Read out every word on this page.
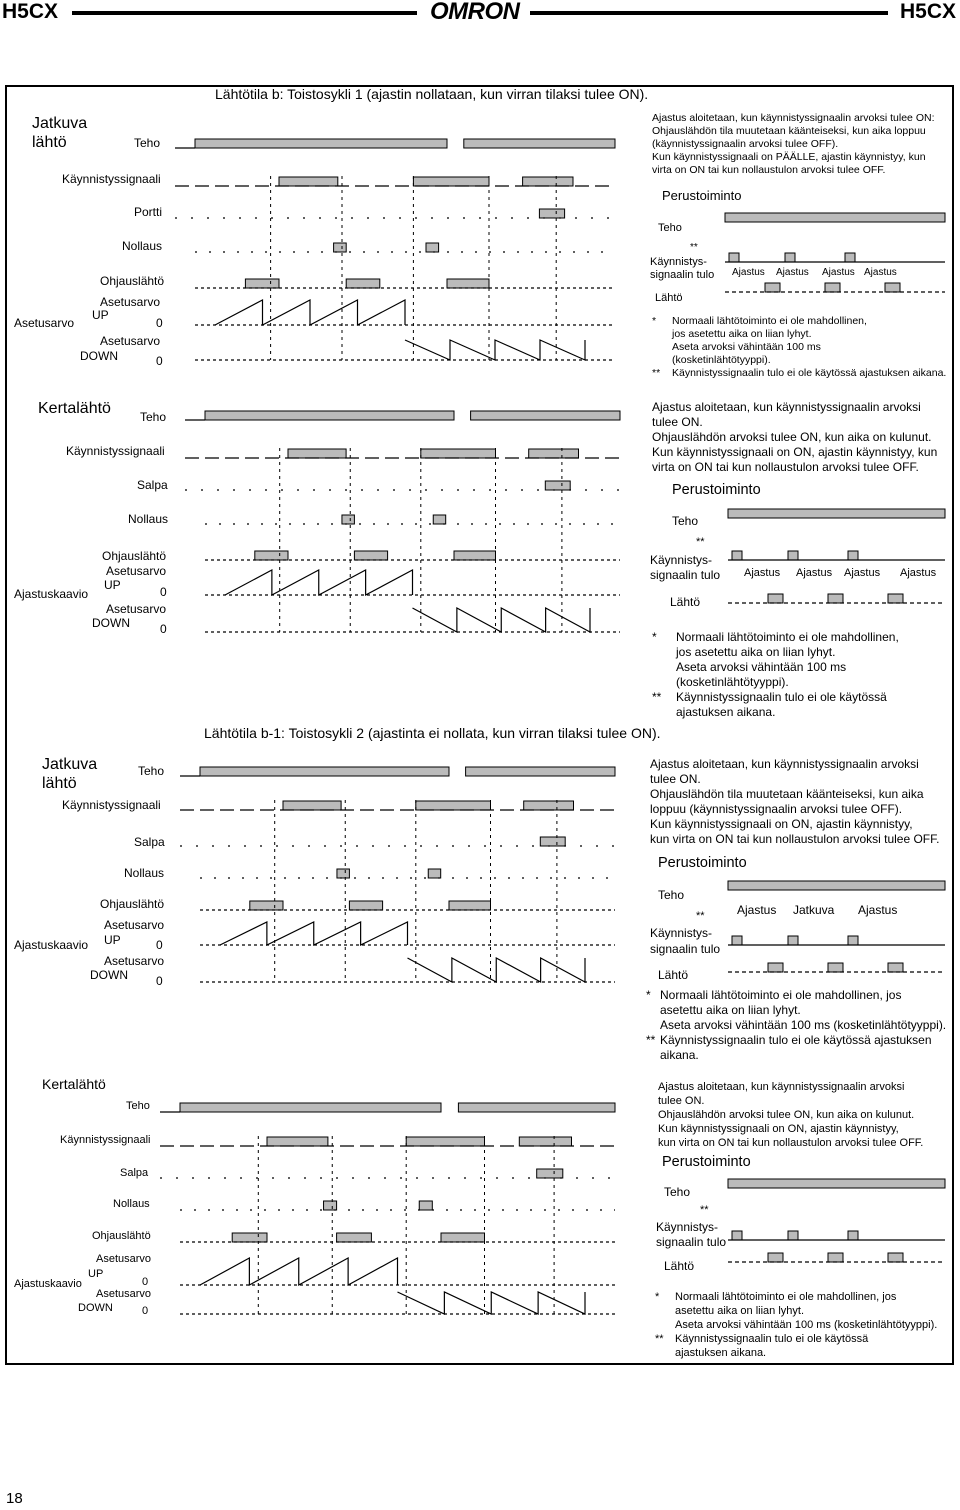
H5CX	OMRON	H5CX
Lähtötila b: Toistosykli 1 (ajastin nollataan, kun virran tilaksi tulee ON).
Jatkuva lähtö	Teho
Käynnistyssignaali
Portti
Nollaus
Ohjauslähtö
Asetusarvo
UP
0
Asetusarvo
Asetusarvo
DOWN	0

Ajastus aloitetaan, kun käynnistyssignaalin arvoksi tulee ON:

Ohjauslähdön tila muutetaan käänteiseksi, kun aika loppuu

(käynnistyssignaalin arvoksi tulee OFF).

Kun käynnistyssignaali on PÄÄLLE, ajastin käynnistyy, kun

virta on ON tai kun nollaustulon arvoksi tulee OFF.

Perustoiminto
Teho
**
Käynnistys-
signaalin tulo
Lähtö
Ajastus Ajastus Ajastus Ajastus
*	Normaali lähtötoiminto ei ole mahdollinen,

jos asetettu aika on liian lyhyt.

Aseta arvoksi vähintään 100 ms

(kosketinlähtötyyppi).

**	Käynnistyssignaalin tulo ei ole käytössä ajastuksen aikana.

Kertalähtö Teho
Käynnistyssignaali
Salpa
Nollaus
Ohjauslähtö
Asetusarvo
UP	0
Ajastuskaavio
Asetusarvo
DOWN	0

Ajastus aloitetaan, kun käynnistyssignaalin arvoksi

tulee ON.

Ohjauslähdön arvoksi tulee ON, kun aika on kulunut.

Kun käynnistyssignaali on ON, ajastin käynnistyy, kun

virta on ON tai kun nollaustulon arvoksi tulee OFF.

Perustoiminto
Teho
**
Käynnistys-
signaalin tulo
Lähtö
Ajastus Ajastus Ajastus Ajastus
*	Normaali lähtötoiminto ei ole mahdollinen,

jos asetettu aika on liian lyhyt.

Aseta arvoksi vähintään 100 ms

(kosketinlähtötyyppi).

**	Käynnistyssignaalin tulo ei ole käytössä

ajastuksen aikana.

Lähtötila b-1: Toistosykli 2 (ajastinta ei nollata, kun virran tilaksi tulee ON).
Jatkuva lähtö
Teho
Käynnistyssignaali
Salpa
Nollaus
Ohjauslähtö
Asetusarvo
UP	0
Ajastuskaavio
Asetusarvo
DOWN 0

Ajastus aloitetaan, kun käynnistyssignaalin arvoksi

tulee ON.

Ohjauslähdön tila muutetaan käänteiseksi, kun aika

loppuu (käynnistyssignaalin arvoksi tulee OFF).

Kun käynnistyssignaali on ON, ajastin käynnistyy,

kun virta on ON tai kun nollaustulon arvoksi tulee OFF.

Perustoiminto
Teho
**
Käynnistys-
signaalin tulo
Lähtö
Ajastus Jatkuva Ajastus
* Normaali lähtötoiminto ei ole mahdollinen, jos

asetettu aika on liian lyhyt.

Aseta arvoksi vähintään 100 ms (kosketinlähtötyyppi).

** Käynnistyssignaalin tulo ei ole käytössä ajastuksen

aikana.

Kertalähtö
Teho
Käynnistyssignaali
Salpa
Nollaus
Ohjauslähtö
Asetusarvo
UP
0
Ajastuskaavio
Asetusarvo
DOWN	0

Ajastus aloitetaan, kun käynnistyssignaalin arvoksi

tulee ON.

Ohjauslähdön arvoksi tulee ON, kun aika on kulunut.

Kun käynnistyssignaali on ON, ajastin käynnistyy,

kun virta on ON tai kun nollaustulon arvoksi tulee OFF.

Perustoiminto
Teho
**
Käynnistys-
signaalin tulo
Lähtö
*	Normaali lähtötoiminto ei ole mahdollinen, jos

asetettu aika on liian lyhyt.

Aseta arvoksi vähintään 100 ms (kosketinlähtötyyppi).

**	Käynnistyssignaalin tulo ei ole käytössä

ajastuksen aikana.

18
